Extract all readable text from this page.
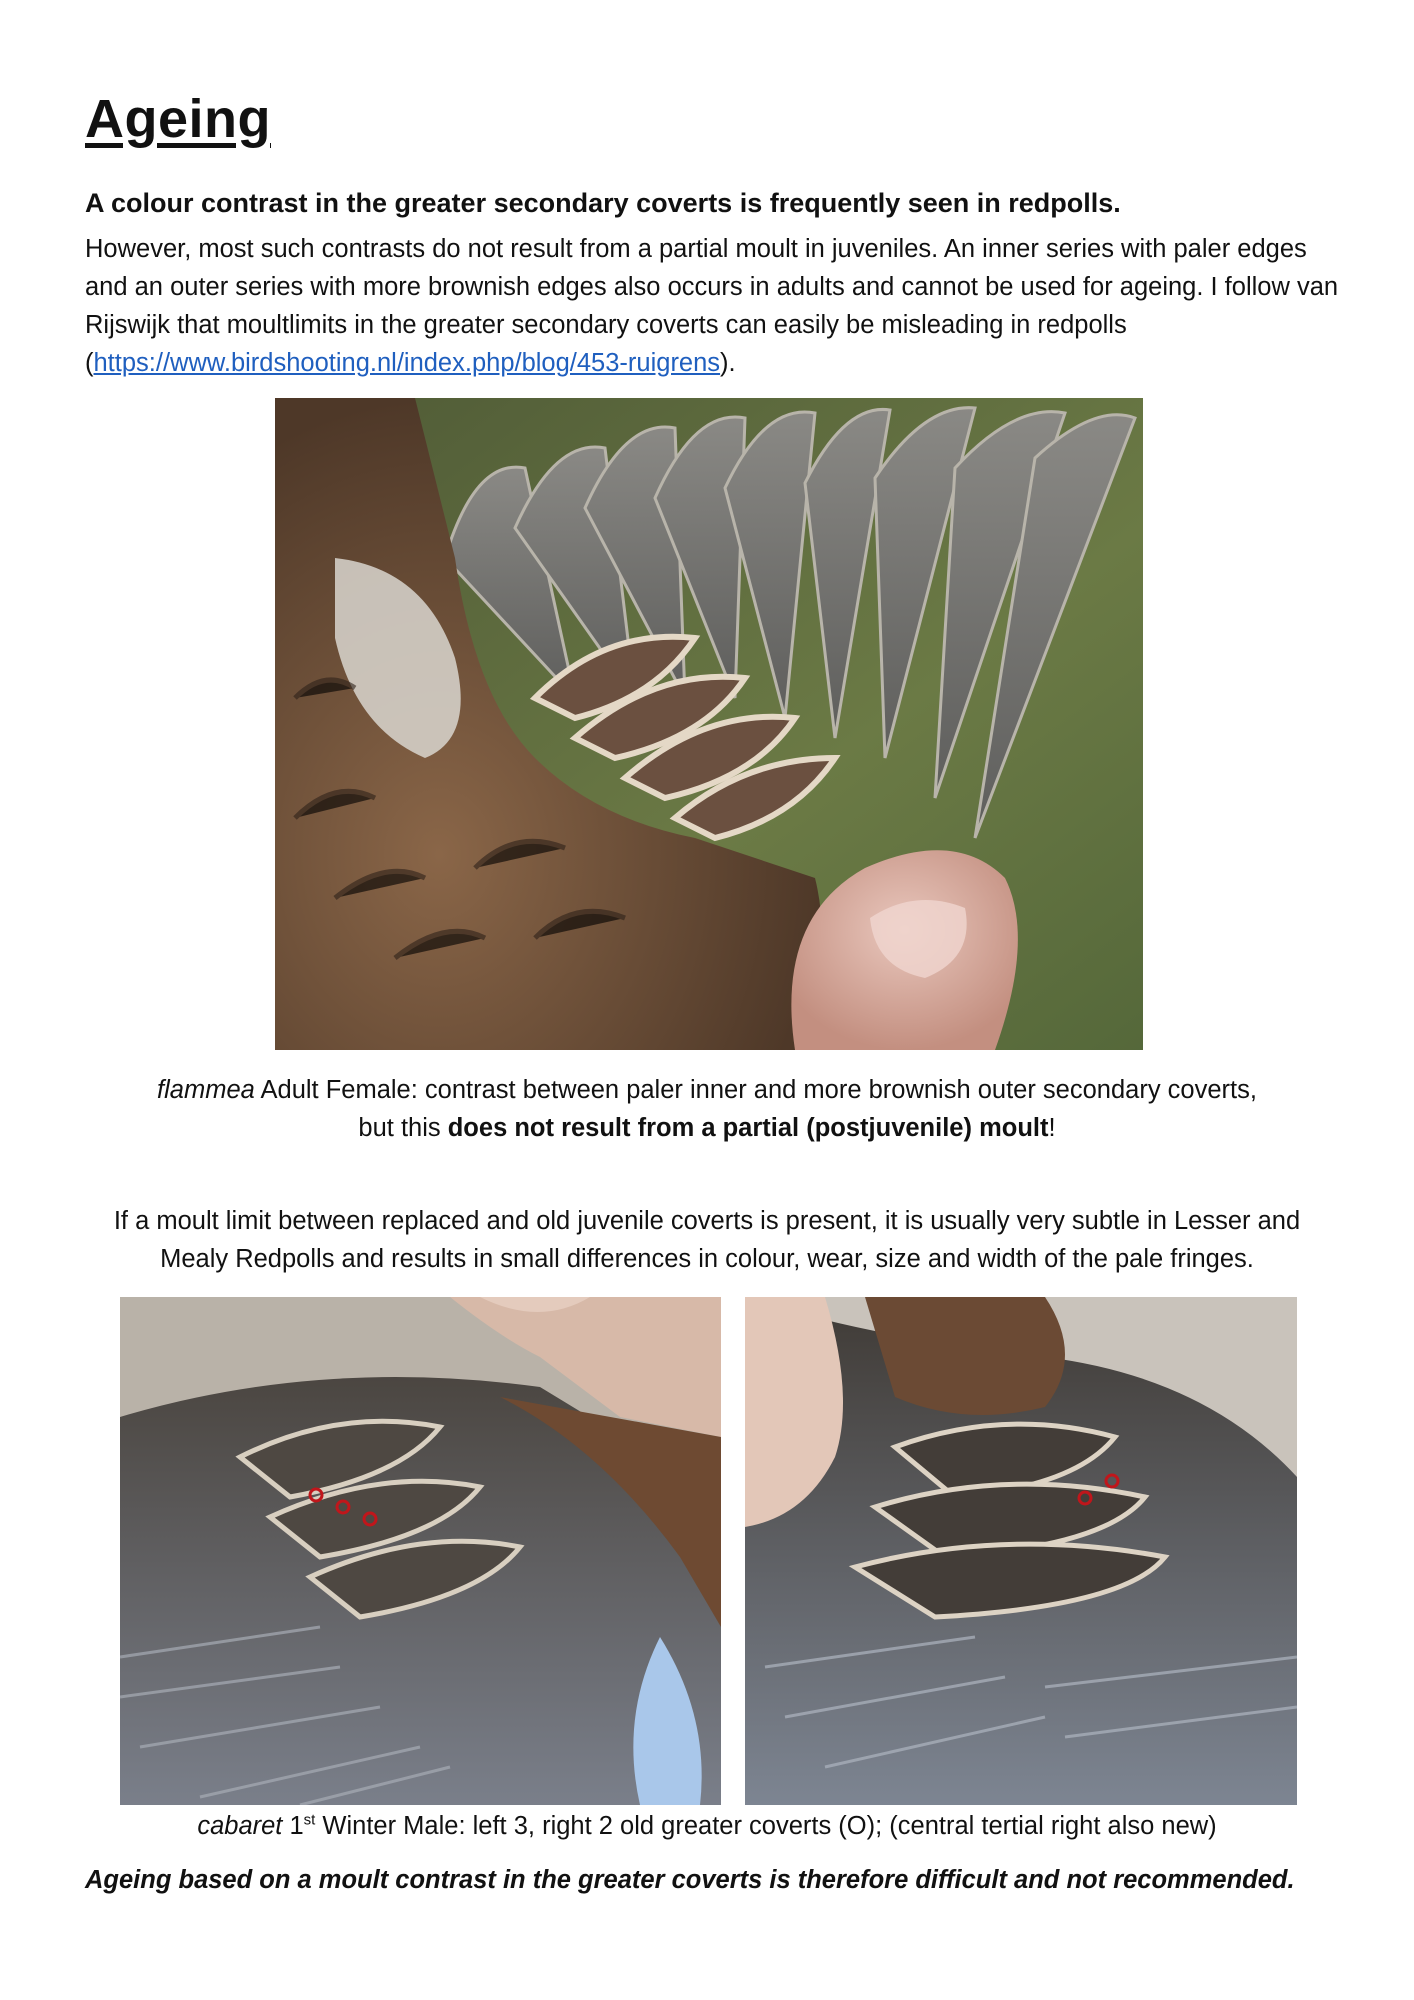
Ageing

A colour contrast in the greater secondary coverts is frequently seen in redpolls.

However, most such contrasts do not result from a partial moult in juveniles. An inner series with paler edges and an outer series with more brownish edges also occurs in adults and cannot be used for ageing. I follow van Rijswijk that moultlimits in the greater secondary coverts can easily be misleading in redpolls (https://www.birdshooting.nl/index.php/blog/453-ruigrens).

flammea Adult Female: contrast between paler inner and more brownish outer secondary coverts,
but this does not result from a partial (postjuvenile) moult!

If a moult limit between replaced and old juvenile coverts is present, it is usually very subtle in Lesser and Mealy Redpolls and results in small differences in colour, wear, size and width of the pale fringes.

cabaret 1st Winter Male: left 3, right 2 old greater coverts (O); (central tertial right also new)

Ageing based on a moult contrast in the greater coverts is therefore difficult and not recommended.
